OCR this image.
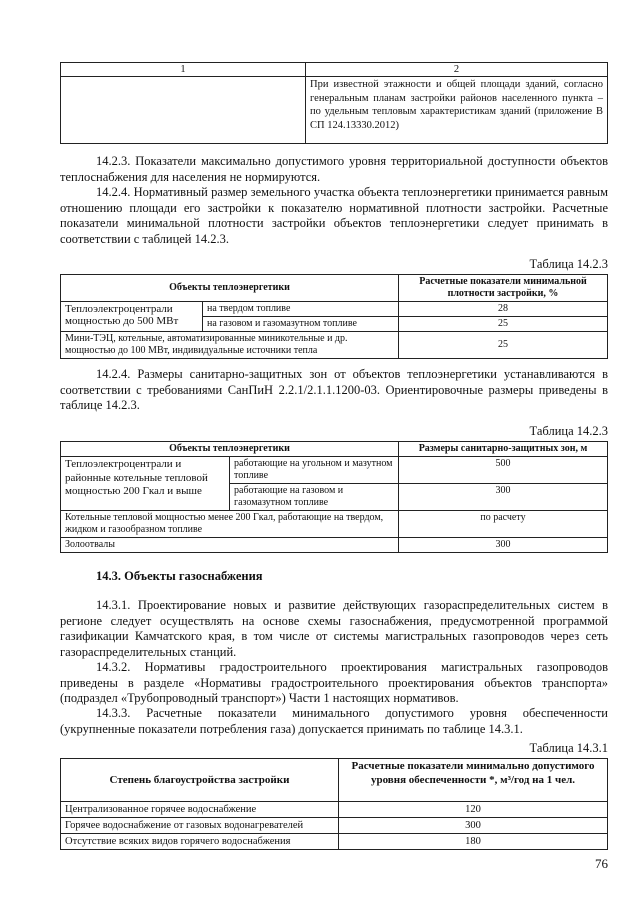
1	2
	При известной этажности и общей площади зданий, согласно генеральным планам застройки районов населенного пункта – по удельным тепловым характеристикам зданий (приложение В СП 124.13330.2012)
14.2.3. Показатели максимально допустимого уровня территориальной доступности объектов теплоснабжения для населения не нормируются.
14.2.4. Нормативный размер земельного участка объекта теплоэнергетики принимается равным отношению площади его застройки к показателю нормативной плотности застройки. Расчетные показатели минимальной плотности застройки объектов теплоэнергетики следует принимать в соответствии с таблицей 14.2.3.
Таблица 14.2.3
Объекты теплоэнергетики		Расчетные показатели минимальной плотности застройки, %
Теплоэлектроцентрали мощностью до 500 МВт	на твердом топливе	28
	на газовом и газомазутном топливе	25
Мини-ТЭЦ, котельные, автоматизированные миникотельные и др. мощностью до 100 МВт, индивидуальные источники тепла		25
14.2.4. Размеры санитарно-защитных зон от объектов теплоэнергетики устанавливаются в соответствии с требованиями СанПиН 2.2.1/2.1.1.1200-03. Ориентировочные размеры приведены в таблице 14.2.3.
Таблица 14.2.3
Объекты теплоэнергетики		Размеры санитарно-защитных зон, м
Теплоэлектроцентрали и районные котельные тепловой мощностью 200 Гкал и выше	работающие на угольном и мазутном топливе	500
	работающие на газовом и газомазутном топливе	300
Котельные тепловой мощностью менее 200 Гкал, работающие на твердом, жидком и газообразном топливе		по расчету
Золоотвалы		300
14.3. Объекты газоснабжения
14.3.1. Проектирование новых и развитие действующих газораспределительных систем в регионе следует осуществлять на основе схемы газоснабжения, предусмотренной программой газификации Камчатского края, в том числе от системы магистральных газопроводов через сеть газораспределительных станций.
14.3.2. Нормативы градостроительного проектирования магистральных газопроводов приведены в разделе «Нормативы градостроительного проектирования объектов транспорта» (подраздел «Трубопроводный транспорт») Части 1 настоящих нормативов.
14.3.3. Расчетные показатели минимального допустимого уровня обеспеченности (укрупненные показатели потребления газа) допускается принимать по таблице 14.3.1.
Таблица 14.3.1
Степень благоустройства застройки	Расчетные показатели минимально допустимого уровня обеспеченности *, м³/год на 1 чел.
Централизованное горячее водоснабжение	120
Горячее водоснабжение от газовых водонагревателей	300
Отсутствие всяких видов горячего водоснабжения	180
76
